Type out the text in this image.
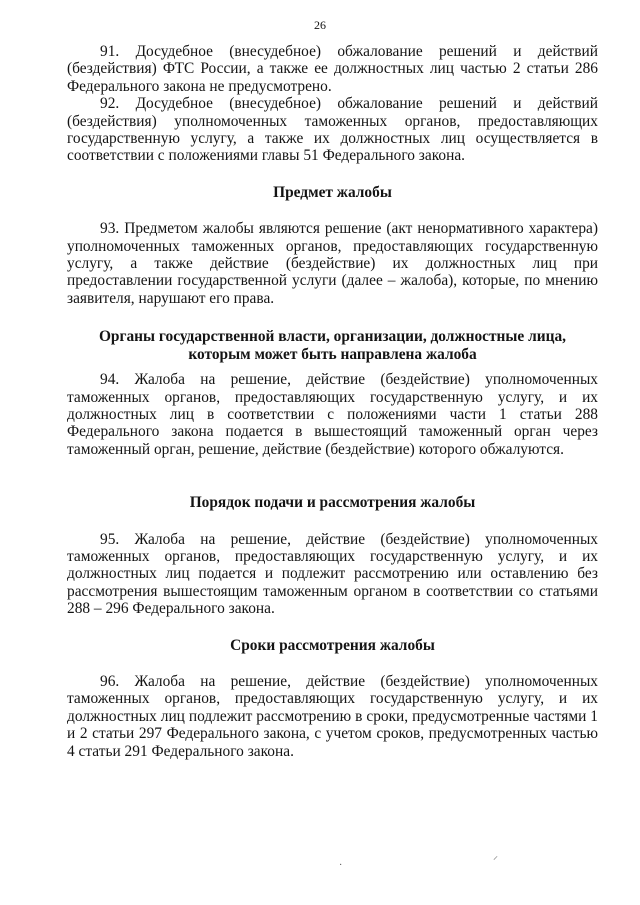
26

91. Досудебное (внесудебное) обжалование решений и действий (бездействия) ФТС России, а также ее должностных лиц частью 2 статьи 286 Федерального закона не предусмотрено.

92. Досудебное (внесудебное) обжалование решений и действий (бездействия) уполномоченных таможенных органов, предоставляющих государственную услугу, а также их должностных лиц осуществляется в соответствии с положениями главы 51 Федерального закона.

Предмет жалобы

93. Предметом жалобы являются решение (акт ненормативного характера) уполномоченных таможенных органов, предоставляющих государственную услугу, а также действие (бездействие) их должностных лиц при предоставлении государственной услуги (далее – жалоба), которые, по мнению заявителя, нарушают его права.

Органы государственной власти, организации, должностные лица, которым может быть направлена жалоба

94. Жалоба на решение, действие (бездействие) уполномоченных таможенных органов, предоставляющих государственную услугу, и их должностных лиц в соответствии с положениями части 1 статьи 288 Федерального закона подается в вышестоящий таможенный орган через таможенный орган, решение, действие (бездействие) которого обжалуются.

Порядок подачи и рассмотрения жалобы

95. Жалоба на решение, действие (бездействие) уполномоченных таможенных органов, предоставляющих государственную услугу, и их должностных лиц подается и подлежит рассмотрению или оставлению без рассмотрения вышестоящим таможенным органом в соответствии со статьями 288 – 296 Федерального закона.

Сроки рассмотрения жалобы

96. Жалоба на решение, действие (бездействие) уполномоченных таможенных органов, предоставляющих государственную услугу, и их должностных лиц подлежит рассмотрению в сроки, предусмотренные частями 1 и 2 статьи 297 Федерального закона, с учетом сроков, предусмотренных частью 4 статьи 291 Федерального закона.

⸝
·
